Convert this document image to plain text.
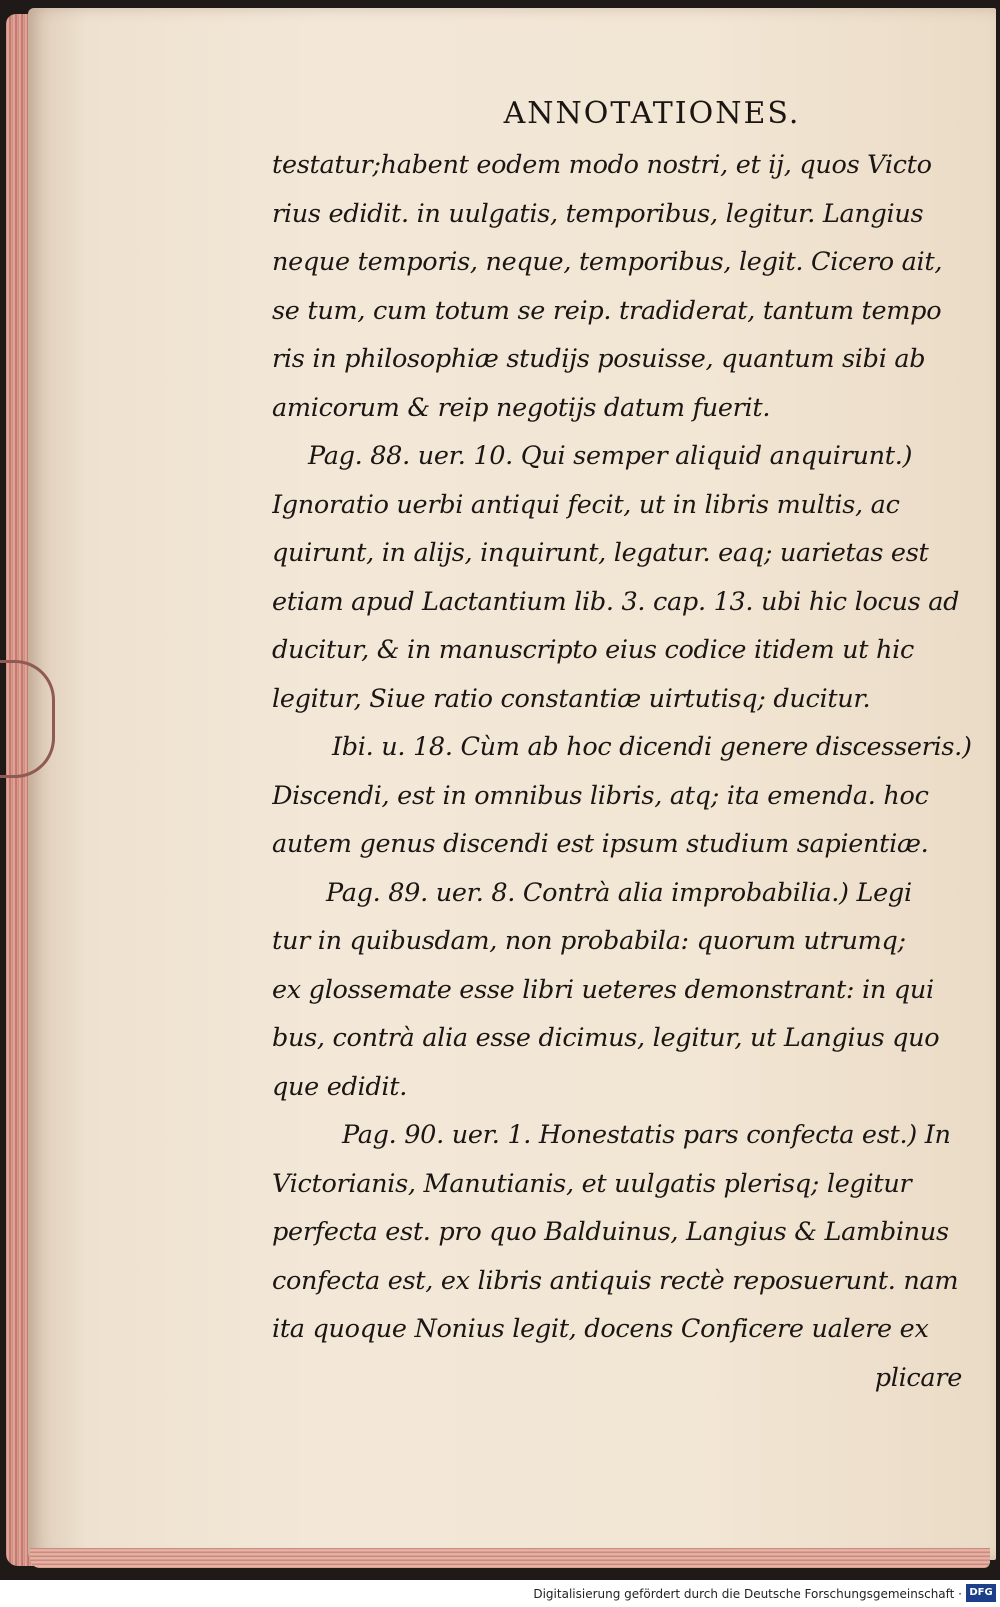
ANNOTATIONES.
testatur;habent eodem modo nostri, et ij, quos Victo
rius edidit. in uulgatis, temporibus, legitur. Langius
neque temporis, neque, temporibus, legit. Cicero ait,
se tum, cum totum se reip. tradiderat, tantum tempo
ris in philosophiæ studijs posuisse, quantum sibi ab
amicorum & reip negotijs datum fuerit.
Pag. 88. uer. 10. Qui semper aliquid anquirunt.)
Ignoratio uerbi antiqui fecit, ut in libris multis, ac
quirunt, in alijs, inquirunt, legatur. eaq; uarietas est
etiam apud Lactantium lib. 3. cap. 13. ubi hic locus ad
ducitur, & in manuscripto eius codice itidem ut hic
legitur, Siue ratio constantiæ uirtutisq; ducitur.
Ibi. u. 18. Cùm ab hoc dicendi genere discesseris.)
Discendi, est in omnibus libris, atq; ita emenda. hoc
autem genus discendi est ipsum studium sapientiæ.
Pag. 89. uer. 8. Contrà alia improbabilia.) Legi
tur in quibusdam, non probabila: quorum utrumq;
ex glossemate esse libri ueteres demonstrant: in qui
bus, contrà alia esse dicimus, legitur, ut Langius quo
que edidit.
Pag. 90. uer. 1. Honestatis pars confecta est.) In
Victorianis, Manutianis, et uulgatis plerisq; legitur
perfecta est. pro quo Balduinus, Langius & Lambinus
confecta est, ex libris antiquis rectè reposuerunt. nam
ita quoque Nonius legit, docens Conficere ualere ex
plicare
Digitalisierung gefördert durch die Deutsche Forschungsgemeinschaft · DFG
